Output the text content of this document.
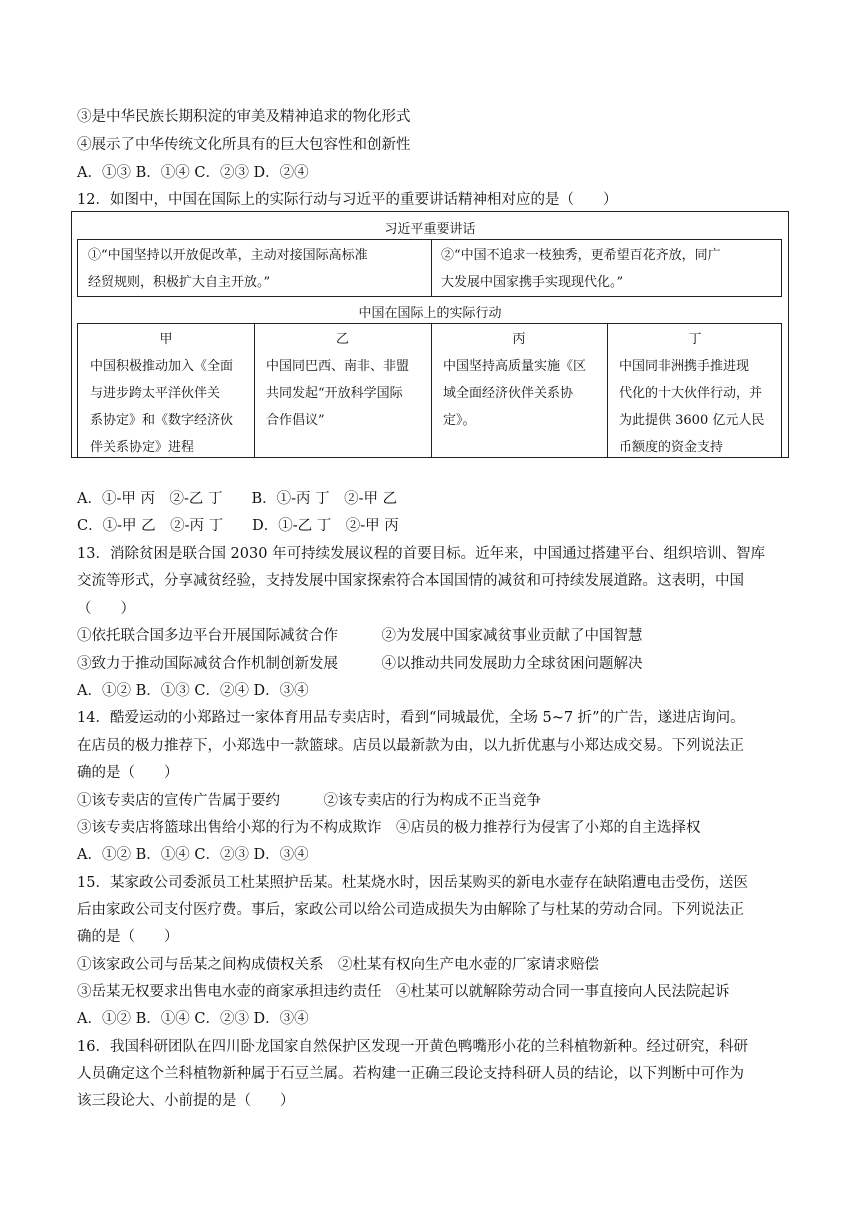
③是中华民族长期积淀的审美及精神追求的物化形式
④展示了中华传统文化所具有的巨大包容性和创新性
A．①③ B．①④ C．②③ D．②④
12．如图中，中国在国际上的实际行动与习近平的重要讲话精神相对应的是（　　）
习近平重要讲话
①“中国坚持以开放促改革，主动对接国际高标准
经贸规则，积极扩大自主开放。”
②“中国不追求一枝独秀，更希望百花齐放，同广
大发展中国家携手实现现代化。”
中国在国际上的实际行动
甲
中国积极推动加入《全面
与进步跨太平洋伙伴关
系协定》和《数字经济伙
伴关系协定》进程
乙
中国同巴西、南非、非盟
共同发起“开放科学国际
合作倡议”
丙
中国坚持高质量实施《区
域全面经济伙伴关系协
定》。
丁
中国同非洲携手推进现
代化的十大伙伴行动，并
为此提供 3600 亿元人民
币额度的资金支持
A．①-甲 丙　②-乙 丁　　B．①-丙 丁　②-甲 乙
C．①-甲 乙　②-丙 丁　　D．①-乙 丁　②-甲 丙
13．消除贫困是联合国 2030 年可持续发展议程的首要目标。近年来，中国通过搭建平台、组织培训、智库
交流等形式，分享减贫经验，支持发展中国家探索符合本国国情的减贫和可持续发展道路。这表明，中国
（　　）
①依托联合国多边平台开展国际减贫合作　　　②为发展中国家减贫事业贡献了中国智慧
③致力于推动国际减贫合作机制创新发展　　　④以推动共同发展助力全球贫困问题解决
A．①② B．①③ C．②④ D．③④
14．酷爱运动的小郑路过一家体育用品专卖店时，看到“同城最优，全场 5~7 折”的广告，遂进店询问。
在店员的极力推荐下，小郑选中一款篮球。店员以最新款为由，以九折优惠与小郑达成交易。下列说法正
确的是（　　）
①该专卖店的宣传广告属于要约　　　②该专卖店的行为构成不正当竞争
③该专卖店将篮球出售给小郑的行为不构成欺诈　④店员的极力推荐行为侵害了小郑的自主选择权
A．①② B．①④ C．②③ D．③④
15．某家政公司委派员工杜某照护岳某。杜某烧水时，因岳某购买的新电水壶存在缺陷遭电击受伤，送医
后由家政公司支付医疗费。事后，家政公司以给公司造成损失为由解除了与杜某的劳动合同。下列说法正
确的是（　　）
①该家政公司与岳某之间构成债权关系　②杜某有权向生产电水壶的厂家请求赔偿
③岳某无权要求出售电水壶的商家承担违约责任　④杜某可以就解除劳动合同一事直接向人民法院起诉
A．①② B．①④ C．②③ D．③④
16．我国科研团队在四川卧龙国家自然保护区发现一开黄色鸭嘴形小花的兰科植物新种。经过研究，科研
人员确定这个兰科植物新种属于石豆兰属。若构建一正确三段论支持科研人员的结论，以下判断中可作为
该三段论大、小前提的是（　　）
